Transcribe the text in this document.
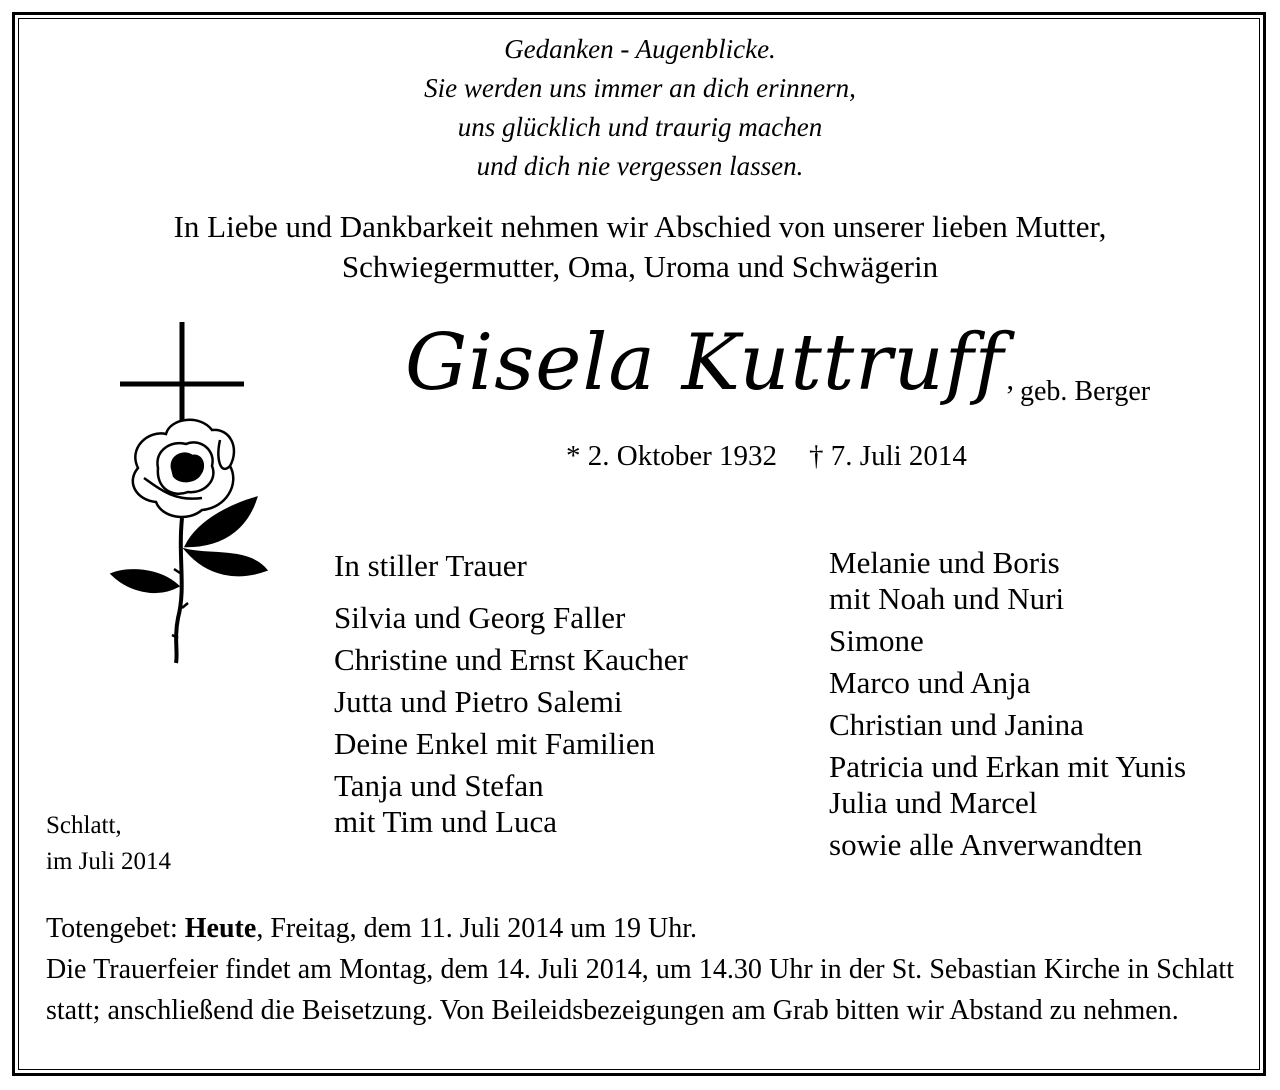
Gedanken - Augenblicke.
Sie werden uns immer an dich erinnern,
uns glücklich und traurig machen
und dich nie vergessen lassen.
In Liebe und Dankbarkeit nehmen wir Abschied von unserer lieben Mutter,
Schwiegermutter, Oma, Uroma und Schwägerin
Gisela Kuttruff, geb. Berger
* 2. Oktober 1932 † 7. Juli 2014
In stiller Trauer
Silvia und Georg Faller
Christine und Ernst Kaucher
Jutta und Pietro Salemi
Deine Enkel mit Familien
Tanja und Stefan
mit Tim und Luca
Melanie und Boris
mit Noah und Nuri
Simone
Marco und Anja
Christian und Janina
Patricia und Erkan mit Yunis
Julia und Marcel
sowie alle Anverwandten
Schlatt,
im Juli 2014
Totengebet: Heute, Freitag, dem 11. Juli 2014 um 19 Uhr.
Die Trauerfeier findet am Montag, dem 14. Juli 2014, um 14.30 Uhr in der St. Sebastian Kirche in Schlatt statt; anschließend die Beisetzung. Von Beileidsbezeigungen am Grab bitten wir Abstand zu nehmen.
